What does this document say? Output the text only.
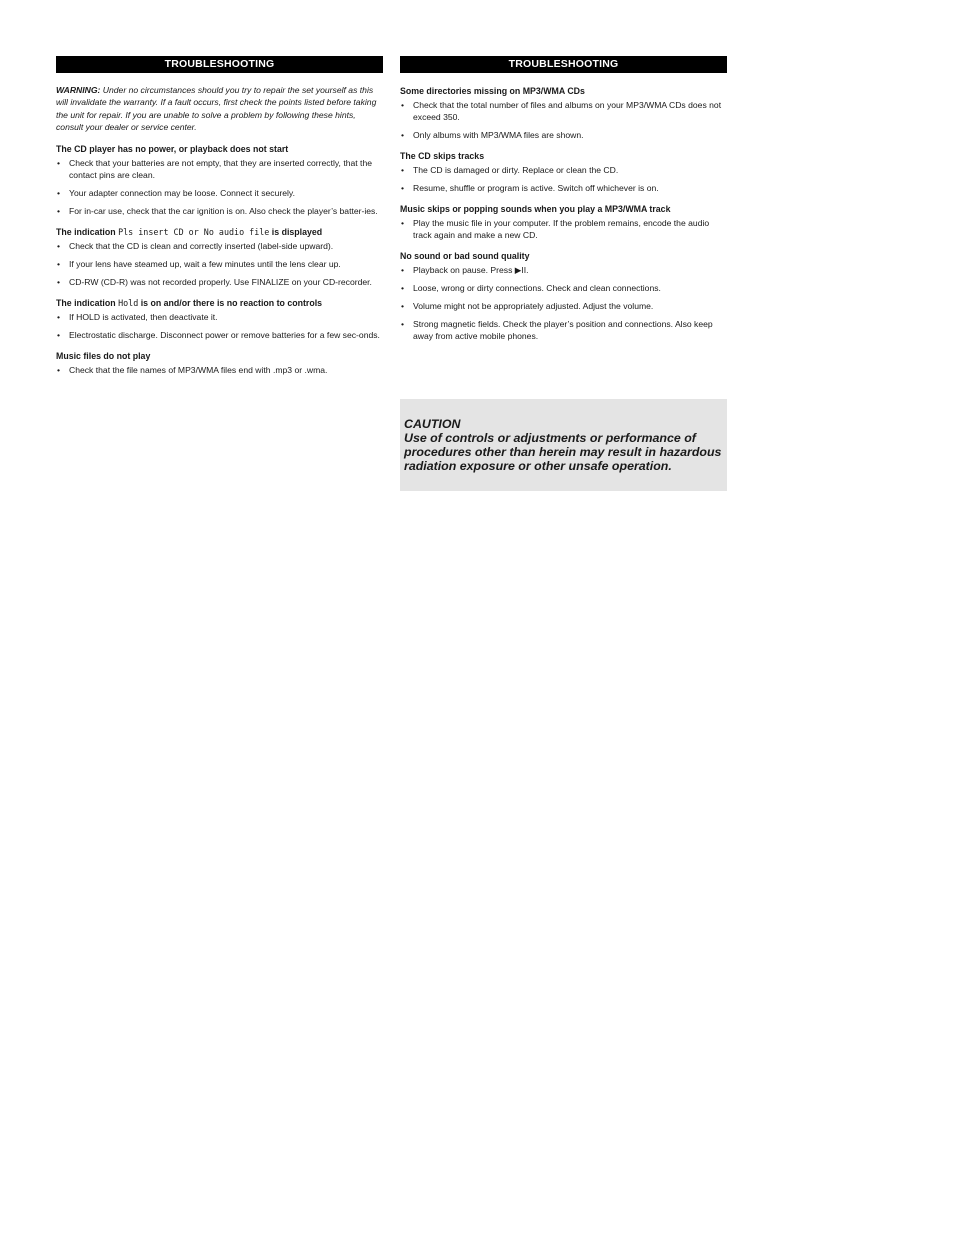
TROUBLESHOOTING

WARNING: Under no circumstances should you try to repair the set yourself as this will invalidate the warranty. If a fault occurs, first check the points listed before taking the unit for repair. If you are unable to solve a problem by following these hints, consult your dealer or service center.

The CD player has no power, or playback does not start
• Check that your batteries are not empty, that they are inserted correctly, that the contact pins are clean.
• Your adapter connection may be loose. Connect it securely.
• For in-car use, check that the car ignition is on. Also check the player’s batter-ies.
The indication Pls insert CD or No audio file is displayed
• Check that the CD is clean and correctly inserted (label-side upward).
• If your lens have steamed up, wait a few minutes until the lens clear up.
• CD-RW (CD-R) was not recorded properly. Use FINALIZE on your CD-recorder.
The indication Hold is on and/or there is no reaction to controls
• If HOLD is activated, then deactivate it.
• Electrostatic discharge. Disconnect power or remove batteries for a few sec-onds.
Music files do not play
• Check that the file names of MP3/WMA files end with .mp3 or .wma.
TROUBLESHOOTING
Some directories missing on MP3/WMA CDs
• Check that the total number of files and albums on your MP3/WMA CDs does not exceed 350.
• Only albums with MP3/WMA files are shown.
The CD skips tracks
• The CD is damaged or dirty. Replace or clean the CD.
• Resume, shuffle or program is active. Switch off whichever is on.
Music skips or popping sounds when you play a MP3/WMA track
• Play the music file in your computer. If the problem remains, encode the audio track again and make a new CD.
No sound or bad sound quality
• Playback on pause. Press ▶II.
• Loose, wrong or dirty connections. Check and clean connections.
• Volume might not be appropriately adjusted. Adjust the volume.
• Strong magnetic fields. Check the player’s position and connections. Also keep away from active mobile phones.
CAUTION
Use of controls or adjustments or performance of procedures other than herein may result in hazardous radiation exposure or other unsafe operation.
